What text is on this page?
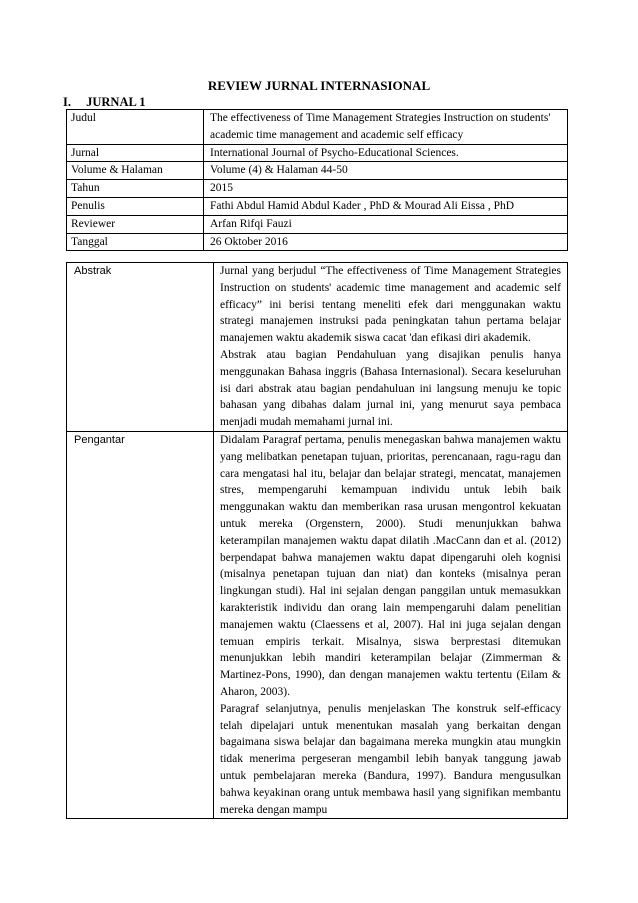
REVIEW JURNAL INTERNASIONAL
I. JURNAL 1
Judul	The effectiveness of Time Management Strategies Instruction on students' academic time management and academic self efficacy
Jurnal	International Journal of Psycho-Educational Sciences.
Volume & Halaman	Volume (4) & Halaman 44-50
Tahun	2015
Penulis	Fathi Abdul Hamid Abdul Kader , PhD & Mourad Ali Eissa , PhD
Reviewer	Arfan Rifqi Fauzi
Tanggal	26 Oktober 2016
Abstrak	Jurnal yang berjudul “The effectiveness of Time Management Strategies Instruction on students' academic time management and academic self efficacy” ini berisi tentang meneliti efek dari menggunakan waktu strategi manajemen instruksi pada peningkatan tahun pertama belajar manajemen waktu akademik siswa cacat 'dan efikasi diri akademik.

Abstrak atau bagian Pendahuluan yang disajikan penulis hanya menggunakan Bahasa inggris (Bahasa Internasional). Secara keseluruhan isi dari abstrak atau bagian pendahuluan ini langsung menuju ke topic bahasan yang dibahas dalam jurnal ini, yang menurut saya pembaca menjadi mudah memahami jurnal ini.

Pengantar	Didalam Paragraf pertama, penulis menegaskan bahwa manajemen waktu yang melibatkan penetapan tujuan, prioritas, perencanaan, ragu-ragu dan cara mengatasi hal itu, belajar dan belajar strategi, mencatat, manajemen stres, mempengaruhi kemampuan individu untuk lebih baik menggunakan waktu dan memberikan rasa urusan mengontrol kekuatan untuk mereka (Orgenstern, 2000). Studi menunjukkan bahwa keterampilan manajemen waktu dapat dilatih .MacCann dan et al. (2012) berpendapat bahwa manajemen waktu dapat dipengaruhi oleh kognisi (misalnya penetapan tujuan dan niat) dan konteks (misalnya peran lingkungan studi). Hal ini sejalan dengan panggilan untuk memasukkan karakteristik individu dan orang lain mempengaruhi dalam penelitian manajemen waktu (Claessens et al, 2007). Hal ini juga sejalan dengan temuan empiris terkait. Misalnya, siswa berprestasi ditemukan menunjukkan lebih mandiri keterampilan belajar (Zimmerman & Martinez-Pons, 1990), dan dengan manajemen waktu tertentu (Eilam & Aharon, 2003).

Paragraf selanjutnya, penulis menjelaskan The konstruk self-efficacy telah dipelajari untuk menentukan masalah yang berkaitan dengan bagaimana siswa belajar dan bagaimana mereka mungkin atau mungkin tidak menerima pergeseran mengambil lebih banyak tanggung jawab untuk pembelajaran mereka (Bandura, 1997). Bandura mengusulkan bahwa keyakinan orang untuk membawa hasil yang signifikan membantu mereka dengan mampu
